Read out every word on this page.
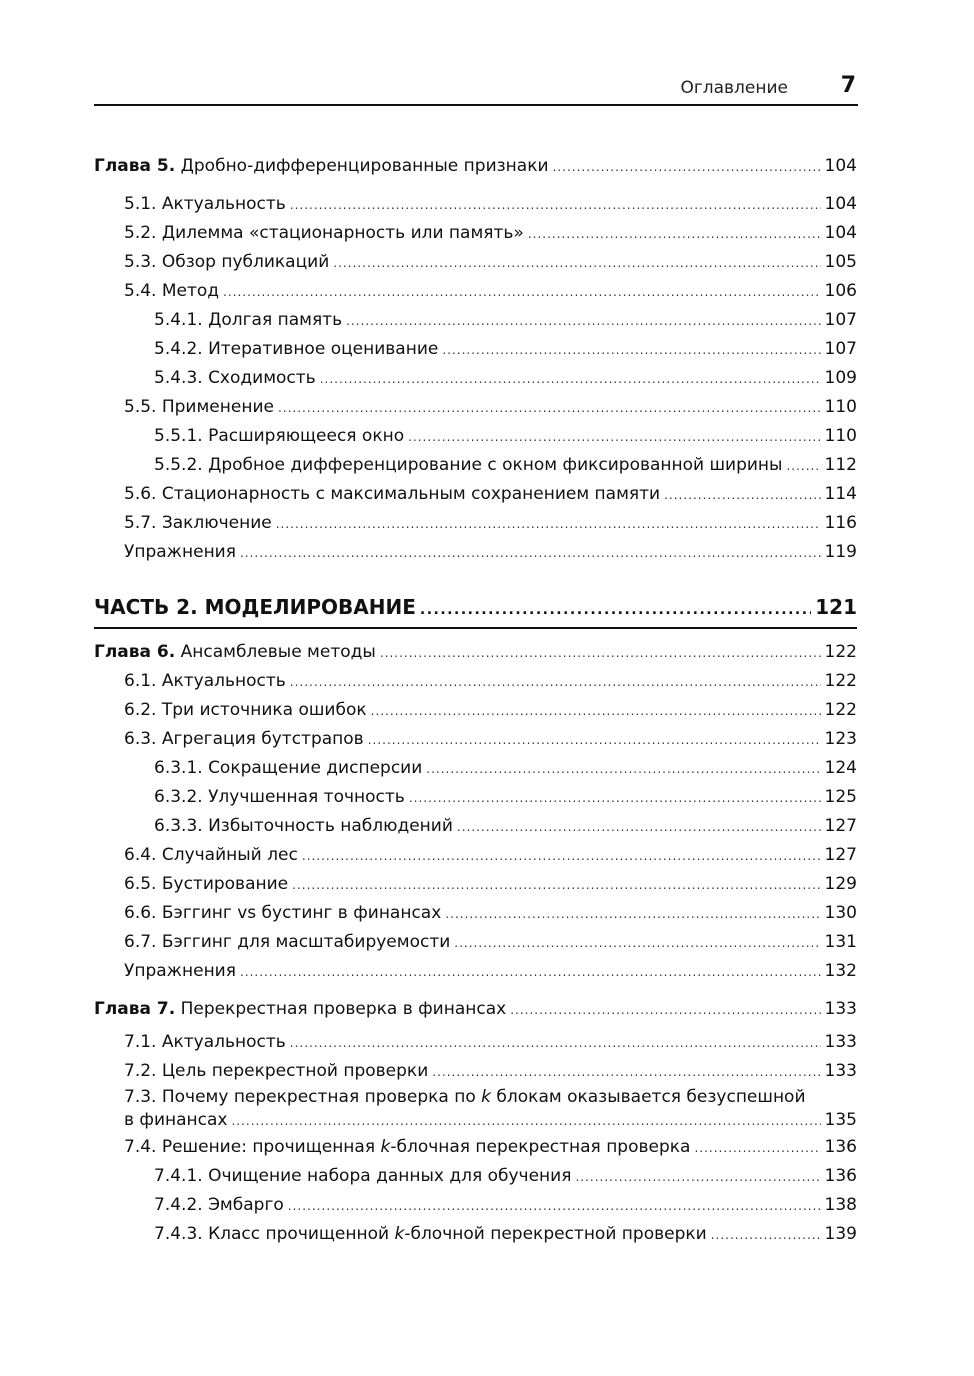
Оглавление 7
Глава 5. Дробно-дифференцированные признаки .....	104
5.1. Актуальность .....	104
5.2. Дилемма «стационарность или память» .....	104
5.3. Обзор публикаций .....	105
5.4. Метод .....	106
5.4.1. Долгая память .....	107
5.4.2. Итеративное оценивание .....	107
5.4.3. Сходимость .....	109
5.5. Применение .....	110
5.5.1. Расширяющееся окно .....	110
5.5.2. Дробное дифференцирование с окном фиксированной ширины ..... 112
5.6. Стационарность с максимальным сохранением памяти .....	114
5.7. Заключение .....	116
Упражнения .....	119
ЧАСТЬ 2. МОДЕЛИРОВАНИЕ .....	121
Глава 6. Ансамблевые методы .....	122
6.1. Актуальность .....	122
6.2. Три источника ошибок .....	122
6.3. Агрегация бутстрапов .....	123
6.3.1. Сокращение дисперсии .....	124
6.3.2. Улучшенная точность .....	125
6.3.3. Избыточность наблюдений .....	127
6.4. Случайный лес .....	127
6.5. Бустирование .....	129
6.6. Бэггинг vs бустинг в финансах .....	130
6.7. Бэггинг для масштабируемости .....	131
Упражнения .....	132
Глава 7. Перекрестная проверка в финансах .....	133
7.1. Актуальность .....	133
7.2. Цель перекрестной проверки .....	133
7.3. Почему перекрестная проверка по k блокам оказывается безуспешной
в финансах .....	135
7.4. Решение: прочищенная k-блочная перекрестная проверка .....	136
7.4.1. Очищение набора данных для обучения .....	136
7.4.2. Эмбарго .....	138
7.4.3. Класс прочищенной k-блочной перекрестной проверки .....	139
